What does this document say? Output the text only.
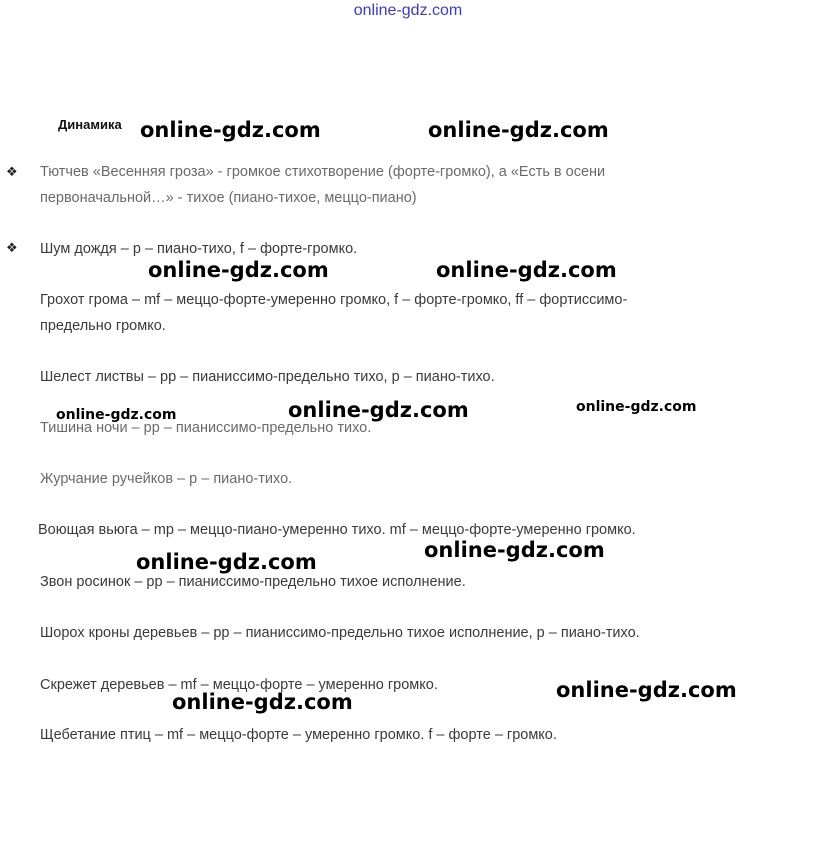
online-gdz.com
Динамика
❖
❖
Тютчев «Весенняя гроза» - громкое стихотворение (форте-громко), а «Есть в осени
первоначальной…» - тихое (пиано-тихое, меццо-пиано)
Шум дождя – p – пиано-тихо, f – форте-громко.
Грохот грома – mf – меццо-форте-умеренно громко, f – форте-громко, ff – фортиссимо-
предельно громко.
Шелест листвы – pp – пианиссимо-предельно тихо, p – пиано-тихо.
Тишина ночи – pp – пианиссимо-предельно тихо.
Журчание ручейков – p – пиано-тихо.
Воющая вьюга – mp – меццо-пиано-умеренно тихо. mf – меццо-форте-умеренно громко.
Звон росинок – pp – пианиссимо-предельно тихое исполнение.
Шорох кроны деревьев – pp – пианиссимо-предельно тихое исполнение, p – пиано-тихо.
Скрежет деревьев – mf – меццо-форте – умеренно громко.
Щебетание птиц – mf – меццо-форте – умеренно громко. f – форте – громко.
online-gdz.com	online-gdz.com
online-gdz.com	online-gdz.com
online-gdz.com	online-gdz.com	online-gdz.com
online-gdz.com	online-gdz.com
online-gdz.com
online-gdz.com
